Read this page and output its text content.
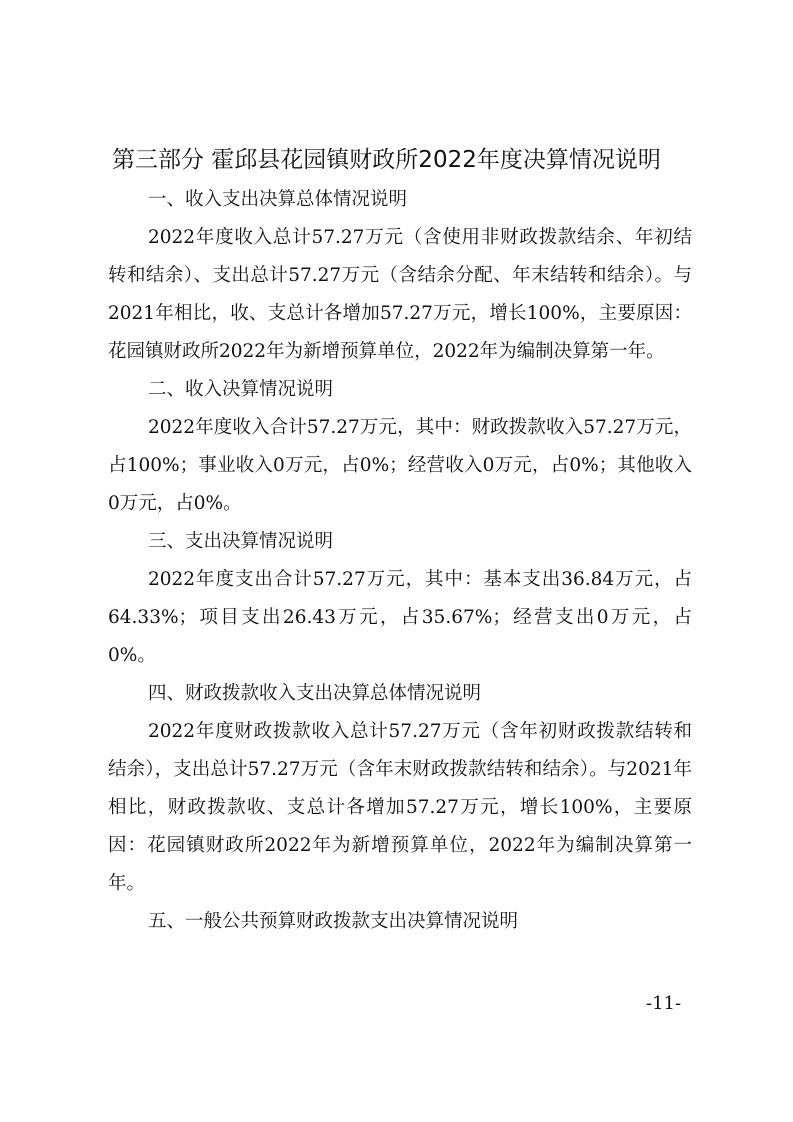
第三部分 霍邱县花园镇财政所2022年度决算情况说明
一、收入支出决算总体情况说明

2022年度收入总计57.27万元（含使用非财政拨款结余、年初结转和结余）、支出总计57.27万元（含结余分配、年末结转和结余）。与2021年相比，收、支总计各增加57.27万元，增长100%，主要原因：花园镇财政所2022年为新增预算单位，2022年为编制决算第一年。

二、收入决算情况说明

2022年度收入合计57.27万元，其中：财政拨款收入57.27万元，占100%；事业收入0万元，占0%；经营收入0万元，占0%；其他收入0万元，占0%。

三、支出决算情况说明

2022年度支出合计57.27万元，其中：基本支出36.84万元，占64.33%；项目支出26.43万元，占35.67%；经营支出0万元，占0%。

四、财政拨款收入支出决算总体情况说明

2022年度财政拨款收入总计57.27万元（含年初财政拨款结转和结余），支出总计57.27万元（含年末财政拨款结转和结余）。与2021年相比，财政拨款收、支总计各增加57.27万元，增长100%，主要原因：花园镇财政所2022年为新增预算单位，2022年为编制决算第一年。

五、一般公共预算财政拨款支出决算情况说明
-11-
